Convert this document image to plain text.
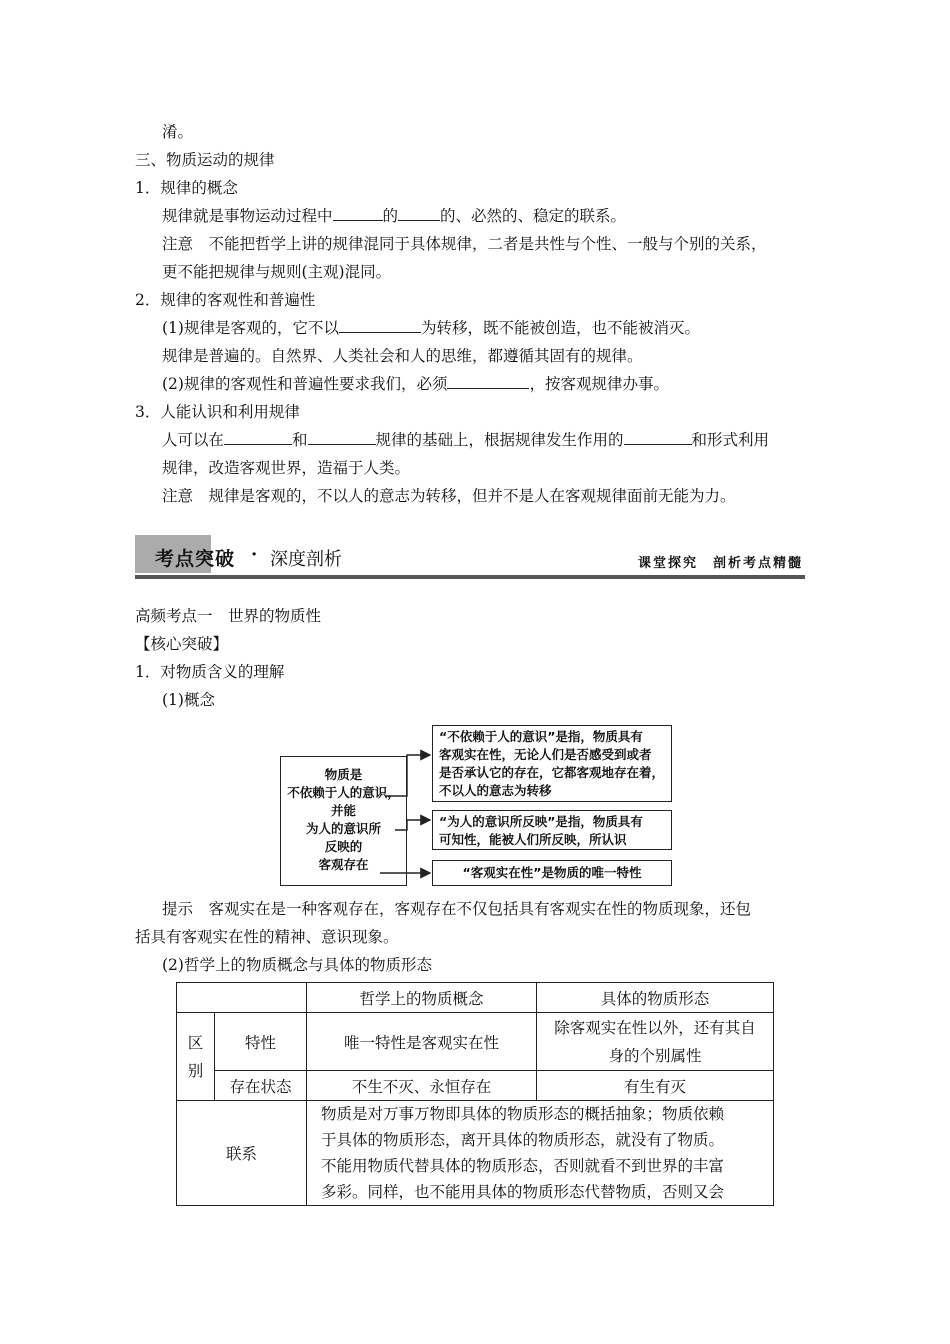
淆。
三、物质运动的规律
1．规律的概念
规律就是事物运动过程中	的	的、必然的、稳定的联系。
注意　不能把哲学上讲的规律混同于具体规律，二者是共性与个性、一般与个别的关系，
更不能把规律与规则(主观)混同。
2．规律的客观性和普遍性
(1)规律是客观的，它不以	为转移，既不能被创造，也不能被消灭。
规律是普遍的。自然界、人类社会和人的思维，都遵循其固有的规律。
(2)规律的客观性和普遍性要求我们，必须	，按客观规律办事。
3．人能认识和利用规律
人可以在	和	规律的基础上，根据规律发生作用的	和形式利用
规律，改造客观世界，造福于人类。
注意　规律是客观的，不以人的意志为转移，但并不是人在客观规律面前无能为力。
考点突破 · 深度剖析	课堂探究　剖析考点精髓
高频考点一　世界的物质性
【核心突破】
1．对物质含义的理解
(1)概念
物质是
不依赖于人的意识，
并能
为人的意识所
反映的
客观存在
“不依赖于人的意识”是指，物质具有
客观实在性，无论人们是否感受到或者
是否承认它的存在，它都客观地存在着，
不以人的意志为转移
“为人的意识所反映”是指，物质具有
可知性，能被人们所反映，所认识
“客观实在性”是物质的唯一特性
提示　客观实在是一种客观存在，客观存在不仅包括具有客观实在性的物质现象，还包
括具有客观实在性的精神、意识现象。
(2)哲学上的物质概念与具体的物质形态
		哲学上的物质概念	具体的物质形态

区别	特性	唯一特性是客观实在性	除客观实在性以外，还有其自
身的个别属性

	存在状态	不生不灭、永恒存在	有生有灭
联系		物质是对万事万物即具体的物质形态的概括抽象；物质依赖
于具体的物质形态，离开具体的物质形态，就没有了物质。
不能用物质代替具体的物质形态，否则就看不到世界的丰富
多彩。同样，也不能用具体的物质形态代替物质，否则又会	
